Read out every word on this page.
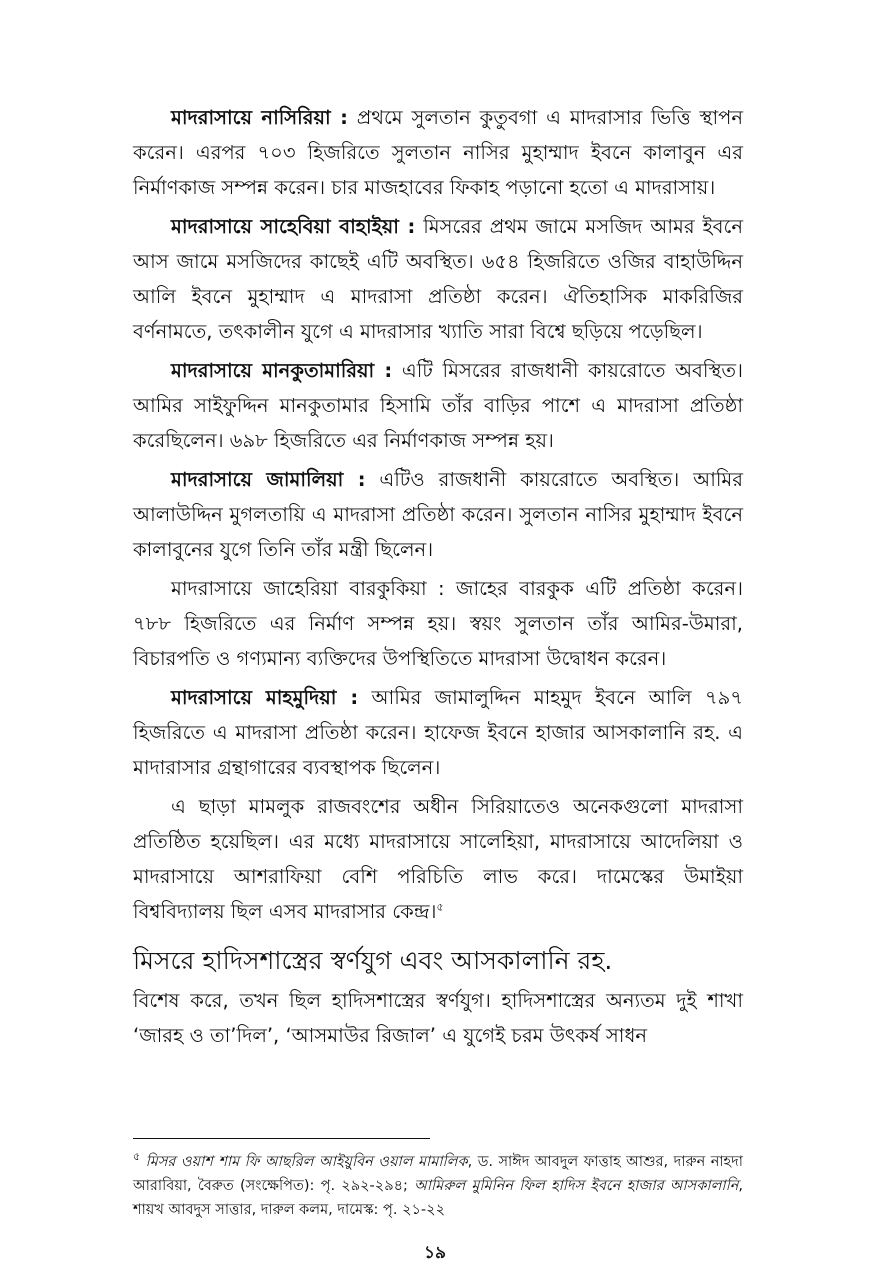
মাদরাসায়ে নাসিরিয়া : প্রথমে সুলতান কুতুবগা এ মাদরাসার ভিত্তি স্থাপন করেন। এরপর ৭০৩ হিজরিতে সুলতান নাসির মুহাম্মাদ ইবনে কালাবুন এর নির্মাণকাজ সম্পন্ন করেন। চার মাজহাবের ফিকাহ পড়ানো হতো এ মাদরাসায়।

মাদরাসায়ে সাহেবিয়া বাহাইয়া : মিসরের প্রথম জামে মসজিদ আমর ইবনে আস জামে মসজিদের কাছেই এটি অবস্থিত। ৬৫৪ হিজরিতে ওজির বাহাউদ্দিন আলি ইবনে মুহাম্মাদ এ মাদরাসা প্রতিষ্ঠা করেন। ঐতিহাসিক মাকরিজির বর্ণনামতে, তৎকালীন যুগে এ মাদরাসার খ্যাতি সারা বিশ্বে ছড়িয়ে পড়েছিল।

মাদরাসায়ে মানকুতামারিয়া : এটি মিসরের রাজধানী কায়রোতে অবস্থিত। আমির সাইফুদ্দিন মানকুতামার হিসামি তাঁর বাড়ির পাশে এ মাদরাসা প্রতিষ্ঠা করেছিলেন। ৬৯৮ হিজরিতে এর নির্মাণকাজ সম্পন্ন হয়।

মাদরাসায়ে জামালিয়া : এটিও রাজধানী কায়রোতে অবস্থিত। আমির আলাউদ্দিন মুগলতায়ি এ মাদরাসা প্রতিষ্ঠা করেন। সুলতান নাসির মুহাম্মাদ ইবনে কালাবুনের যুগে তিনি তাঁর মন্ত্রী ছিলেন।

মাদরাসায়ে জাহেরিয়া বারকুকিয়া : জাহের বারকুক এটি প্রতিষ্ঠা করেন। ৭৮৮ হিজরিতে এর নির্মাণ সম্পন্ন হয়। স্বয়ং সুলতান তাঁর আমির-উমারা, বিচারপতি ও গণ্যমান্য ব্যক্তিদের উপস্থিতিতে মাদরাসা উদ্বোধন করেন।

মাদরাসায়ে মাহমুদিয়া : আমির জামালুদ্দিন মাহমুদ ইবনে আলি ৭৯৭ হিজরিতে এ মাদরাসা প্রতিষ্ঠা করেন। হাফেজ ইবনে হাজার আসকালানি রহ. এ মাদারাসার গ্রন্থাগারের ব্যবস্থাপক ছিলেন।

এ ছাড়া মামলুক রাজবংশের অধীন সিরিয়াতেও অনেকগুলো মাদরাসা প্রতিষ্ঠিত হয়েছিল। এর মধ্যে মাদরাসায়ে সালেহিয়া, মাদরাসায়ে আদেলিয়া ও মাদরাসায়ে আশরাফিয়া বেশি পরিচিতি লাভ করে। দামেস্কের উমাইয়া বিশ্ববিদ্যালয় ছিল এসব মাদরাসার কেন্দ্র।$^৫$

মিসরে হাদিসশাস্ত্রের স্বর্ণযুগ এবং আসকালানি রহ.

বিশেষ করে, তখন ছিল হাদিসশাস্ত্রের স্বর্ণযুগ। হাদিসশাস্ত্রের অন্যতম দুই শাখা ‘জারহ ও তা’দিল’, ‘আসমাউর রিজাল’ এ যুগেই চরম উৎকর্ষ সাধন

$^৫$ মিসর ওয়াশ শাম ফি আছরিল আইয়ুবিন ওয়াল মামালিক, ড. সাঈদ আবদুল ফাত্তাহ আশুর, দারুন নাহদা আরাবিয়া, বৈরুত (সংক্ষেপিত): পৃ. ২৯২-২৯৪; আমিরুল মুমিনিন ফিল হাদিস ইবনে হাজার আসকালানি, শায়খ আবদুস সাত্তার, দারুল কলম, দামেস্ক: পৃ. ২১-২২
১৯
